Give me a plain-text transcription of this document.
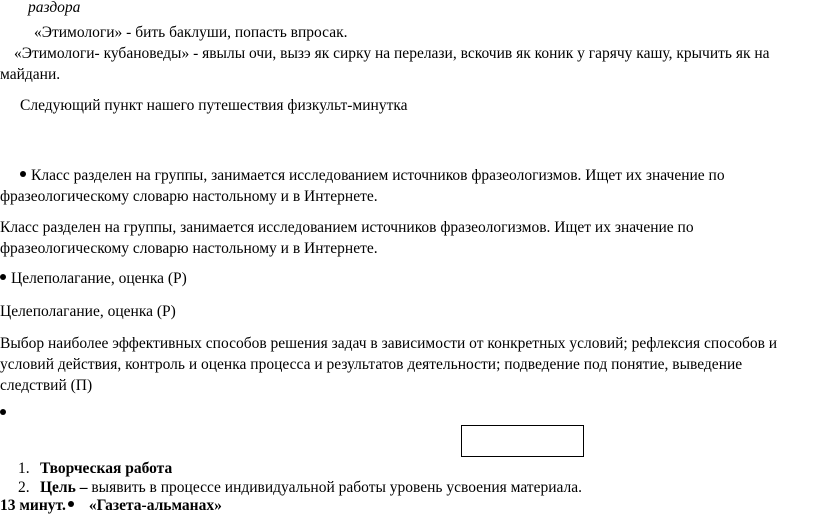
раздора
«Этимологи» - бить баклуши, попасть впросак.
«Этимологи- кубановеды» - явылы очи, вызэ як сирку на перелази, вскочив як коник у гарячу кашу, крычить як на
майдани.
Следующий пункт нашего путешествия физкульт-минутка
Класс разделен на группы, занимается исследованием источников фразеологизмов. Ищет их значение по
фразеологическому словарю настольному и в Интернете.
Класс разделен на группы, занимается исследованием источников фразеологизмов. Ищет их значение по
фразеологическому словарю настольному и в Интернете.
Целеполагание, оценка (Р)
Целеполагание, оценка (Р)
Выбор наиболее эффективных способов решения задач в зависимости от конкретных условий; рефлексия способов и
условий действия, контроль и оценка процесса и результатов деятельности; подведение под понятие, выведение
следствий (П)
1. Творческая работа
2. Цель – выявить в процессе индивидуальной работы уровень усвоения материала.
13 минут. «Газета-альманах»
